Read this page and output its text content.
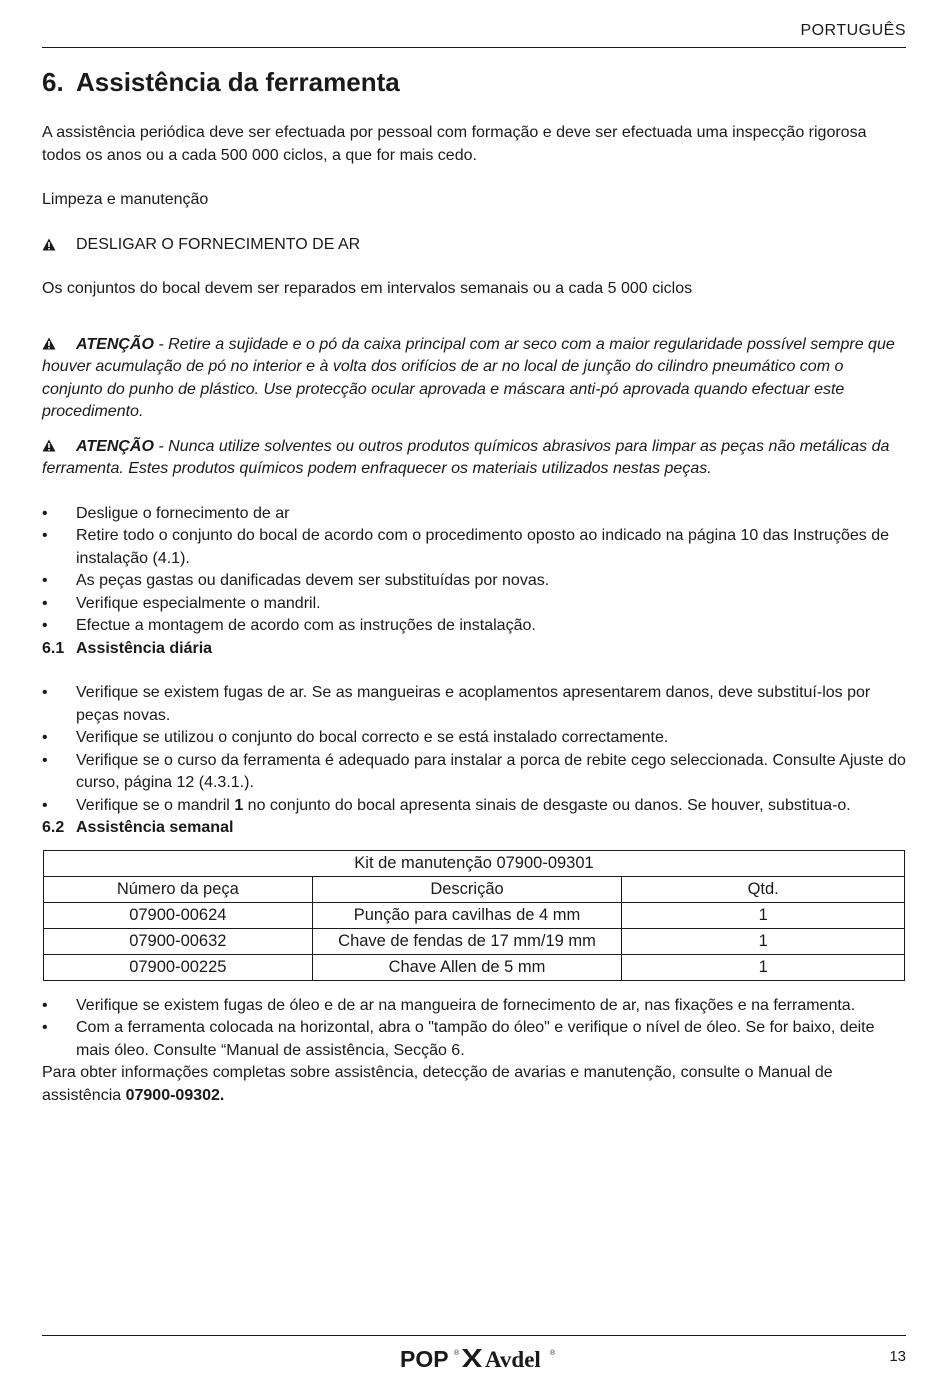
PORTUGUÊS
6. Assistência da ferramenta

A assistência periódica deve ser efectuada por pessoal com formação e deve ser efectuada uma inspecção rigorosa todos os anos ou a cada 500 000 ciclos, a que for mais cedo.

Limpeza e manutenção

DESLIGAR O FORNECIMENTO DE AR

Os conjuntos do bocal devem ser reparados em intervalos semanais ou a cada 5 000 ciclos

ATENÇÃO - Retire a sujidade e o pó da caixa principal com ar seco com a maior regularidade possível sempre que houver acumulação de pó no interior e à volta dos orifícios de ar no local de junção do cilindro pneumático com o conjunto do punho de plástico. Use protecção ocular aprovada e máscara anti-pó aprovada quando efectuar este procedimento.

ATENÇÃO - Nunca utilize solventes ou outros produtos químicos abrasivos para limpar as peças não metálicas da ferramenta. Estes produtos químicos podem enfraquecer os materiais utilizados nestas peças.

• Desligue o fornecimento de ar
• Retire todo o conjunto do bocal de acordo com o procedimento oposto ao indicado na página 10 das Instruções de instalação (4.1).
• As peças gastas ou danificadas devem ser substituídas por novas.
• Verifique especialmente o mandril.
• Efectue a montagem de acordo com as instruções de instalação.
6.1 Assistência diária
• Verifique se existem fugas de ar. Se as mangueiras e acoplamentos apresentarem danos, deve substituí-los por peças novas.
• Verifique se utilizou o conjunto do bocal correcto e se está instalado correctamente.
• Verifique se o curso da ferramenta é adequado para instalar a porca de rebite cego seleccionada. Consulte Ajuste do curso, página 12 (4.3.1.).
• Verifique se o mandril 1 no conjunto do bocal apresenta sinais de desgaste ou danos. Se houver, substitua-o.
6.2 Assistência semanal
Kit de manutenção 07900-09301		
Número da peça	Descrição	Qtd.
07900-00624	Punção para cavilhas de 4 mm	1
07900-00632	Chave de fendas de 17 mm/19 mm	1
07900-00225	Chave Allen de 5 mm	1
• Verifique se existem fugas de óleo e de ar na mangueira de fornecimento de ar, nas fixações e na ferramenta.
• Com a ferramenta colocada na horizontal, abra o "tampão do óleo" e verifique o nível de óleo. Se for baixo, deite mais óleo. Consulte “Manual de assistência, Secção 6.

Para obter informações completas sobre assistência, detecção de avarias e manutenção, consulte o Manual de assistência 07900-09302.

POP ® Avdel ®	13
